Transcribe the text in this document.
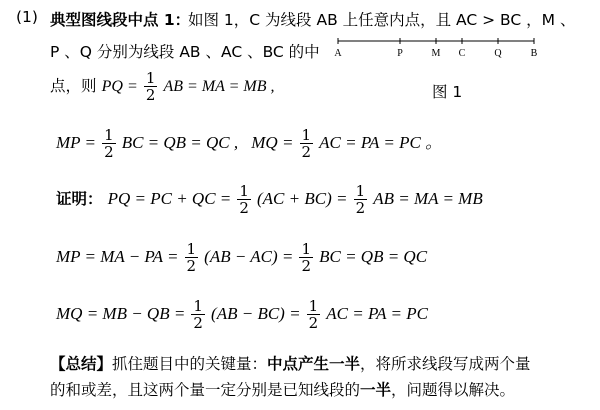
(1) 典型图线段中点 1：
如图 1，C 为线段 AB 上任意内点，且 AC > BC ，M 、
P 、Q 分别为线段 AB 、AC 、BC 的中 A	P	M C	Q	B
点，则 PQ = $\frac{1}{2}$ AB = MA = MB ,	图 1
MP = $\frac{1}{2}$ BC = QB = QC , MQ = $\frac{1}{2}$ AC = PA = PC 。
证明： PQ = PC + QC = $\frac{1}{2} (AC + BC) = \frac{1}{2}$ AB = MA = MB
MP = MA − PA = $\frac{1}{2} (AB - AC) = \frac{1}{2}$ BC = QB = QC
MQ = MB − QB = $\frac{1}{2} (AB - BC) = \frac{1}{2}$ AC = PA = PC
【总结】抓住题目中的关键量：中点产生一半，将所求线段写成两个量
的和或差，且这两个量一定分别是已知线段的一半，问题得以解决。
